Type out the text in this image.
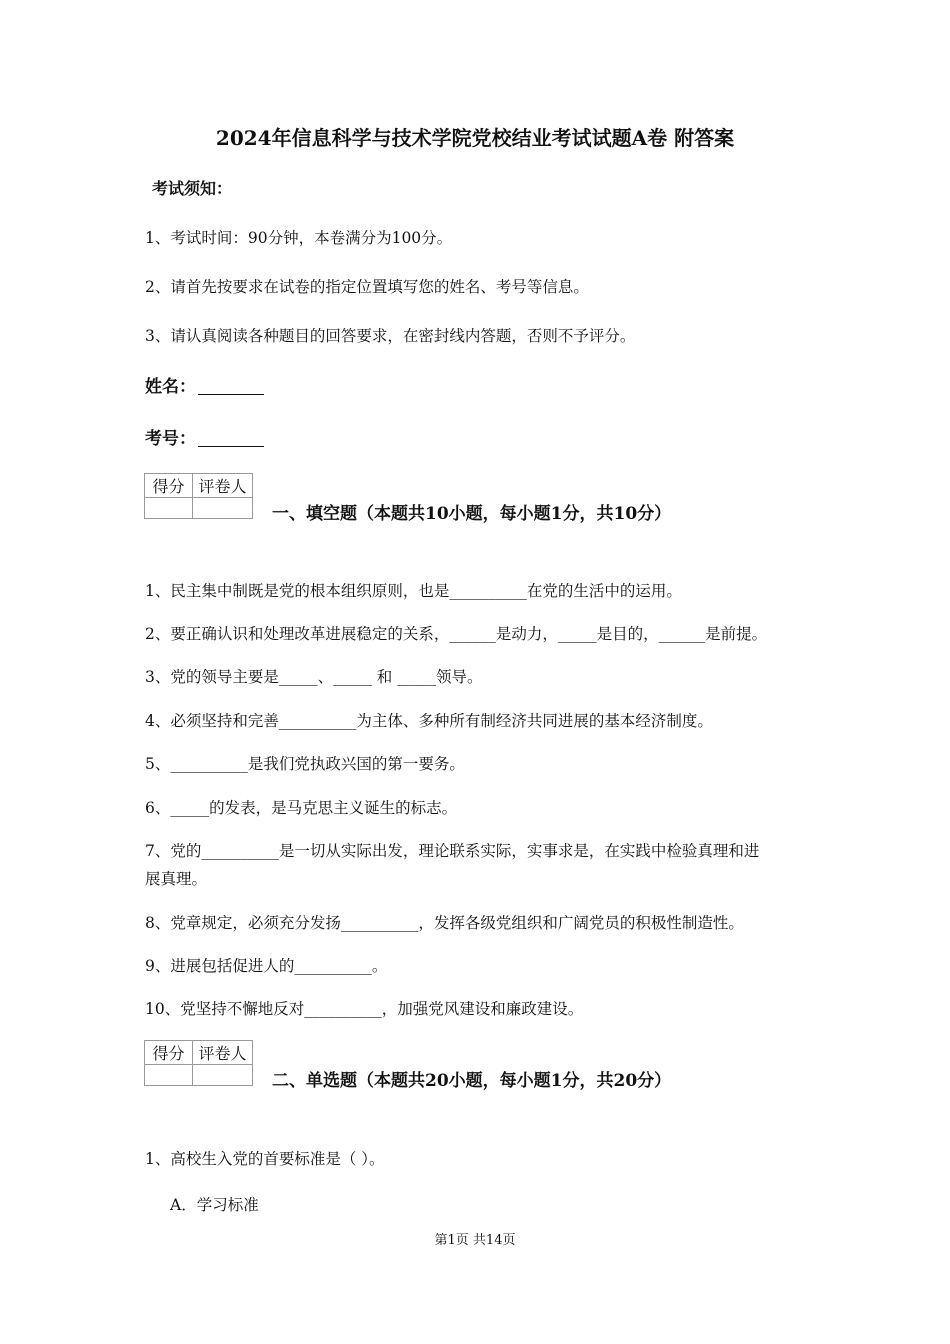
2024年信息科学与技术学院党校结业考试试题A卷 附答案
考试须知：
1、考试时间：90分钟，本卷满分为100分。
2、请首先按要求在试卷的指定位置填写您的姓名、考号等信息。
3、请认真阅读各种题目的回答要求，在密封线内答题，否则不予评分。
姓名：
考号：
得分	评卷人

一、填空题（本题共10小题，每小题1分，共10分）
1、民主集中制既是党的根本组织原则，也是__________在党的生活中的运用。
2、要正确认识和处理改革进展稳定的关系，______是动力，_____是目的，______是前提。
3、党的领导主要是_____、_____ 和 _____领导。
4、必须坚持和完善__________为主体、多种所有制经济共同进展的基本经济制度。
5、__________是我们党执政兴国的第一要务。
6、_____的发表，是马克思主义诞生的标志。
7、党的__________是一切从实际出发，理论联系实际，实事求是，在实践中检验真理和进
展真理。
8、党章规定，必须充分发扬__________，发挥各级党组织和广阔党员的积极性制造性。
9、进展包括促进人的__________。
10、党坚持不懈地反对__________，加强党风建设和廉政建设。
得分	评卷人

二、单选题（本题共20小题，每小题1分，共20分）
1、高校生入党的首要标准是（ ）。
A．学习标准
第1页 共14页
